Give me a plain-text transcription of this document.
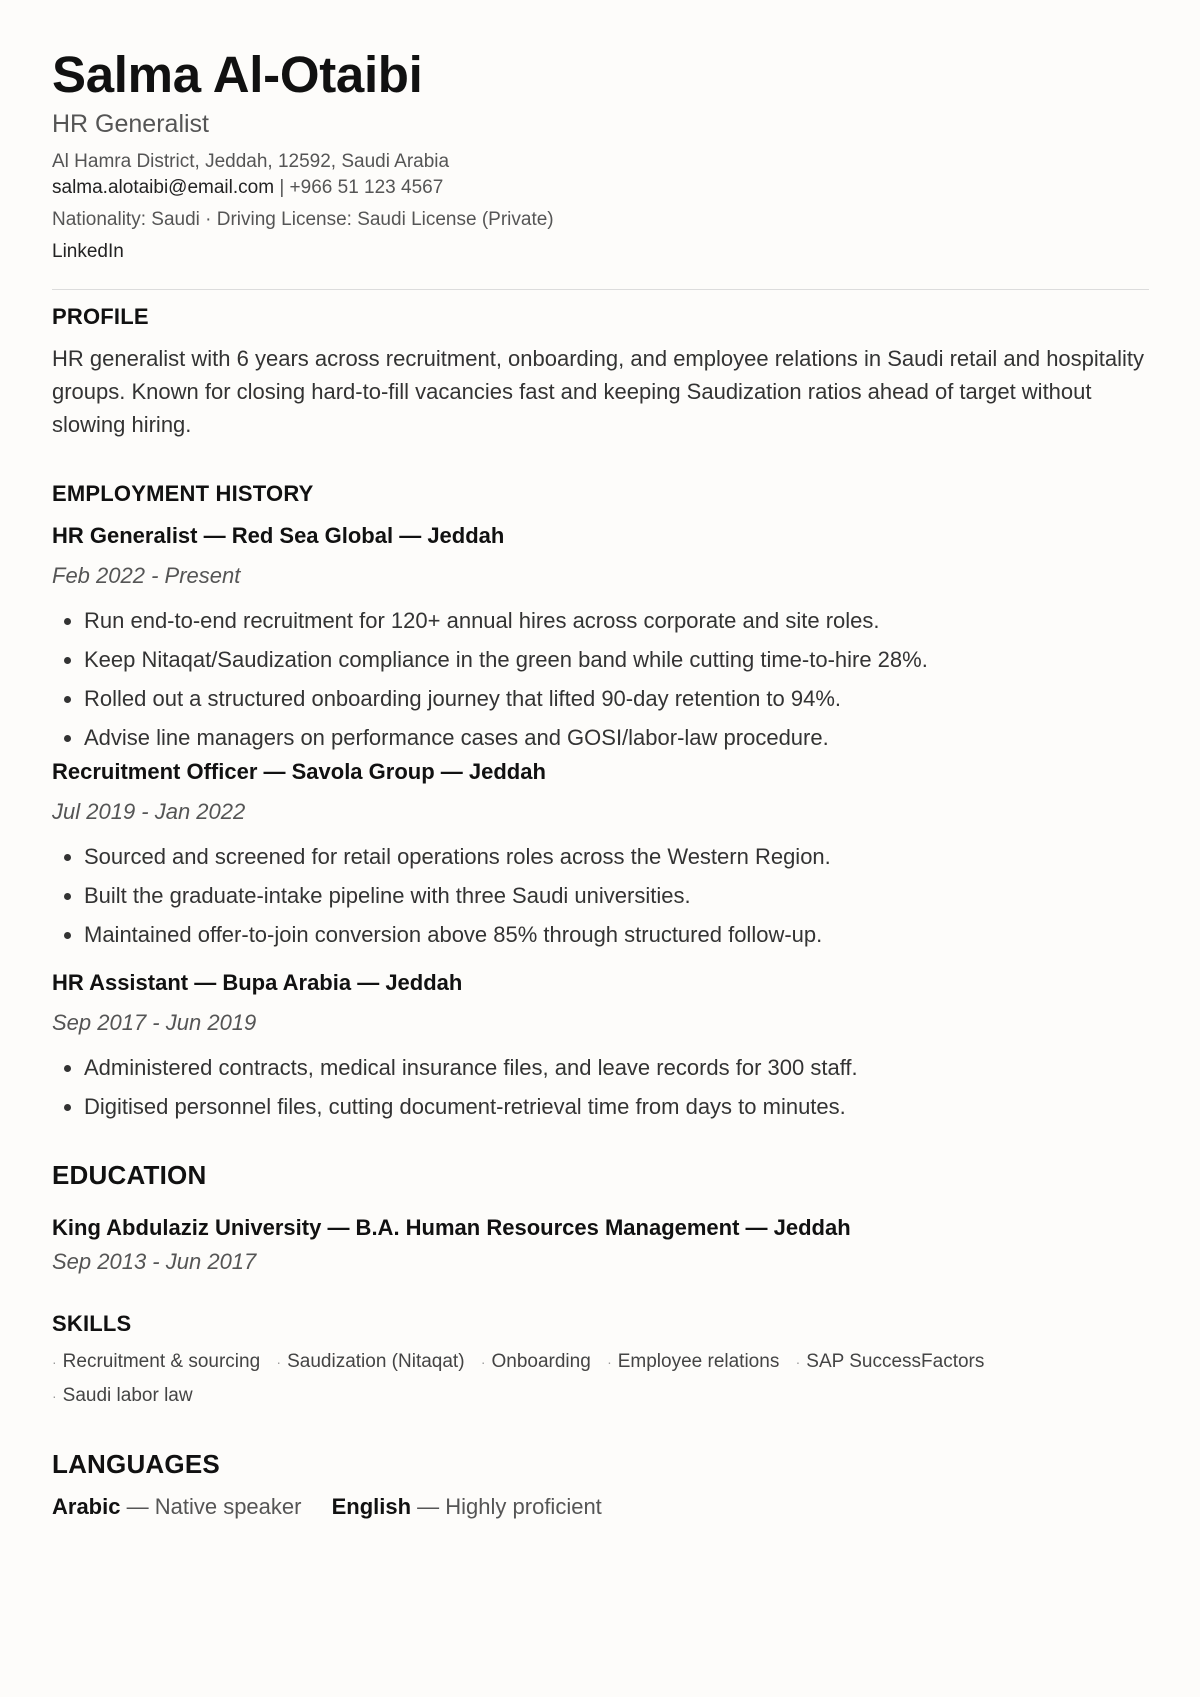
Salma Al-Otaibi
HR Generalist
Al Hamra District, Jeddah, 12592, Saudi Arabia
salma.alotaibi@email.com | +966 51 123 4567
Nationality: Saudi · Driving License: Saudi License (Private)
LinkedIn
PROFILE

HR generalist with 6 years across recruitment, onboarding, and employee relations in Saudi retail and hospitality groups. Known for closing hard-to-fill vacancies fast and keeping Saudization ratios ahead of target without slowing hiring.

EMPLOYMENT HISTORY
HR Generalist — Red Sea Global — Jeddah
Feb 2022 - Present
• Run end-to-end recruitment for 120+ annual hires across corporate and site roles.
• Keep Nitaqat/Saudization compliance in the green band while cutting time-to-hire 28%.
• Rolled out a structured onboarding journey that lifted 90-day retention to 94%.
• Advise line managers on performance cases and GOSI/labor-law procedure.
Recruitment Officer — Savola Group — Jeddah
Jul 2019 - Jan 2022
• Sourced and screened for retail operations roles across the Western Region.
• Built the graduate-intake pipeline with three Saudi universities.
• Maintained offer-to-join conversion above 85% through structured follow-up.
HR Assistant — Bupa Arabia — Jeddah
Sep 2017 - Jun 2019
• Administered contracts, medical insurance files, and leave records for 300 staff.
• Digitised personnel files, cutting document-retrieval time from days to minutes.
EDUCATION
King Abdulaziz University — B.A. Human Resources Management — Jeddah
Sep 2013 - Jun 2017
SKILLS
· Recruitment & sourcing · Saudization (Nitaqat) · Onboarding · Employee relations · SAP SuccessFactors · Saudi labor law
LANGUAGES
Arabic — Native speaker English — Highly proficient
